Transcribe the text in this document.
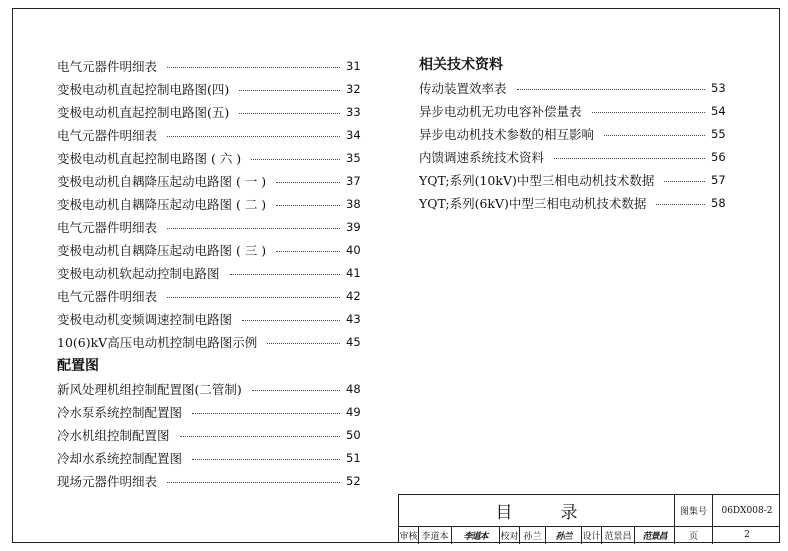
电气元器件明细表	31
变极电动机直起控制电路图(四)	32
变极电动机直起控制电路图(五)	33
电气元器件明细表	34
变极电动机直起控制电路图 ( 六 )	35
变极电动机自耦降压起动电路图 ( 一 )	37
变极电动机自耦降压起动电路图 ( 二 )	38
电气元器件明细表	39
变极电动机自耦降压起动电路图 ( 三 )	40
变极电动机软起动控制电路图	41
电气元器件明细表	42
变极电动机变频调速控制电路图	43
10(6)kV高压电动机控制电路图示例	45
配置图
新风处理机组控制配置图(二管制)	48
冷水泵系统控制配置图	49
冷水机组控制配置图	50
冷却水系统控制配置图	51
现场元器件明细表	52
相关技术资料
传动装置效率表	53
异步电动机无功电容补偿量表	54
异步电动机技术参数的相互影响	55
内馈调速系统技术资料	56
YQT;系列(10kV)中型三相电动机技术数据	57
YQT;系列(6kV)中型三相电动机技术数据	58
目录	图集号	06DX008-2
审核 李道本	李道本	校对 孙兰	孙兰	设计 范景昌	范景昌	页	2
